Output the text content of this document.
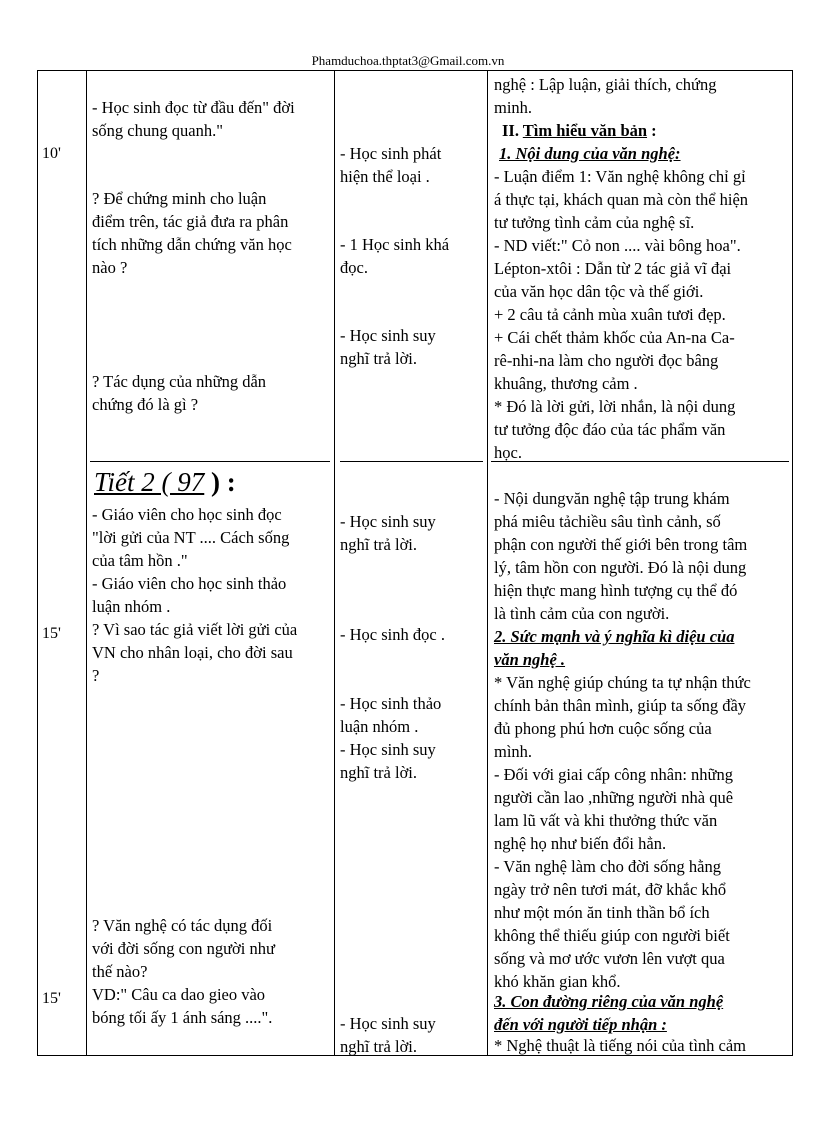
Phamduchoa.thptat3@Gmail.com.vn
10'
15'
15'
- Học sinh đọc từ đầu đến" đời
sống chung quanh."
? Để chứng minh cho luận
điểm trên, tác giả đưa ra phân
tích những dẫn chứng văn học
nào ?
? Tác dụng của những dẫn
chứng đó là gì ?
- Học sinh phát
hiện thể loại .
- 1 Học sinh khá
đọc.
- Học sinh suy
nghĩ trả lời.
nghệ : Lập luận, giải thích, chứng
minh.
II. Tìm hiểu văn bản :
1. Nội dung của văn nghệ:
- Luận điểm 1: Văn nghệ không chỉ gỉ
á thực tại, khách quan mà còn thể hiện
tư tưởng tình cảm của nghệ sĩ.
- ND viết:" Cỏ non .... vài bông hoa".
Lépton-xtôi : Dẫn từ 2 tác giả vĩ đại
của văn học dân tộc và thế giới.
+ 2 câu tả cảnh mùa xuân tươi đẹp.
+ Cái chết thảm khốc của An-na Ca-
rê-nhi-na làm cho người đọc bâng
khuâng, thương cảm .
* Đó là lời gửi, lời nhắn, là nội dung
tư tưởng độc đáo của tác phẩm văn
học.
Tiết 2 ( 97 ) :
- Giáo viên cho học sinh đọc
"lời gửi của NT .... Cách sống
của tâm hồn ."
- Giáo viên cho học sinh thảo
luận nhóm .
? Vì sao tác giả viết lời gửi của
VN cho nhân loại, cho đời sau
?
? Văn nghệ có tác dụng đối
với đời sống con người như
thế nào?
VD:" Câu ca dao gieo vào
bóng tối ấy 1 ánh sáng ....".
- Học sinh suy
nghĩ trả lời.
- Học sinh đọc .
- Học sinh thảo
luận nhóm .
- Học sinh suy
nghĩ trả lời.
- Học sinh suy
nghĩ trả lời.
- Nội dungvăn nghệ tập trung khám
phá miêu tảchiều sâu tình cảnh, số
phận con người thế giới bên trong tâm
lý, tâm hồn con người. Đó là nội dung
hiện thực mang hình tượng cụ thể đó
là tình cảm của con người.
2. Sức mạnh và ý nghĩa kì diệu của
văn nghệ .
* Văn nghệ giúp chúng ta tự nhận thức
chính bản thân mình, giúp ta sống đầy
đủ phong phú hơn cuộc sống của
mình.
- Đối với giai cấp công nhân: những
người cần lao ,những người nhà quê
lam lũ vất và khi thưởng thức văn
nghệ họ như biến đổi hẳn.
- Văn nghệ làm cho đời sống hằng
ngày trở nên tươi mát, đỡ khắc khổ
như một món ăn tinh thần bổ ích
không thể thiếu giúp con người biết
sống và mơ ước vươn lên vượt qua
khó khăn gian khổ.
3. Con đường riêng của văn nghệ
đến với người tiếp nhận :
* Nghệ thuật là tiếng nói của tình cảm
